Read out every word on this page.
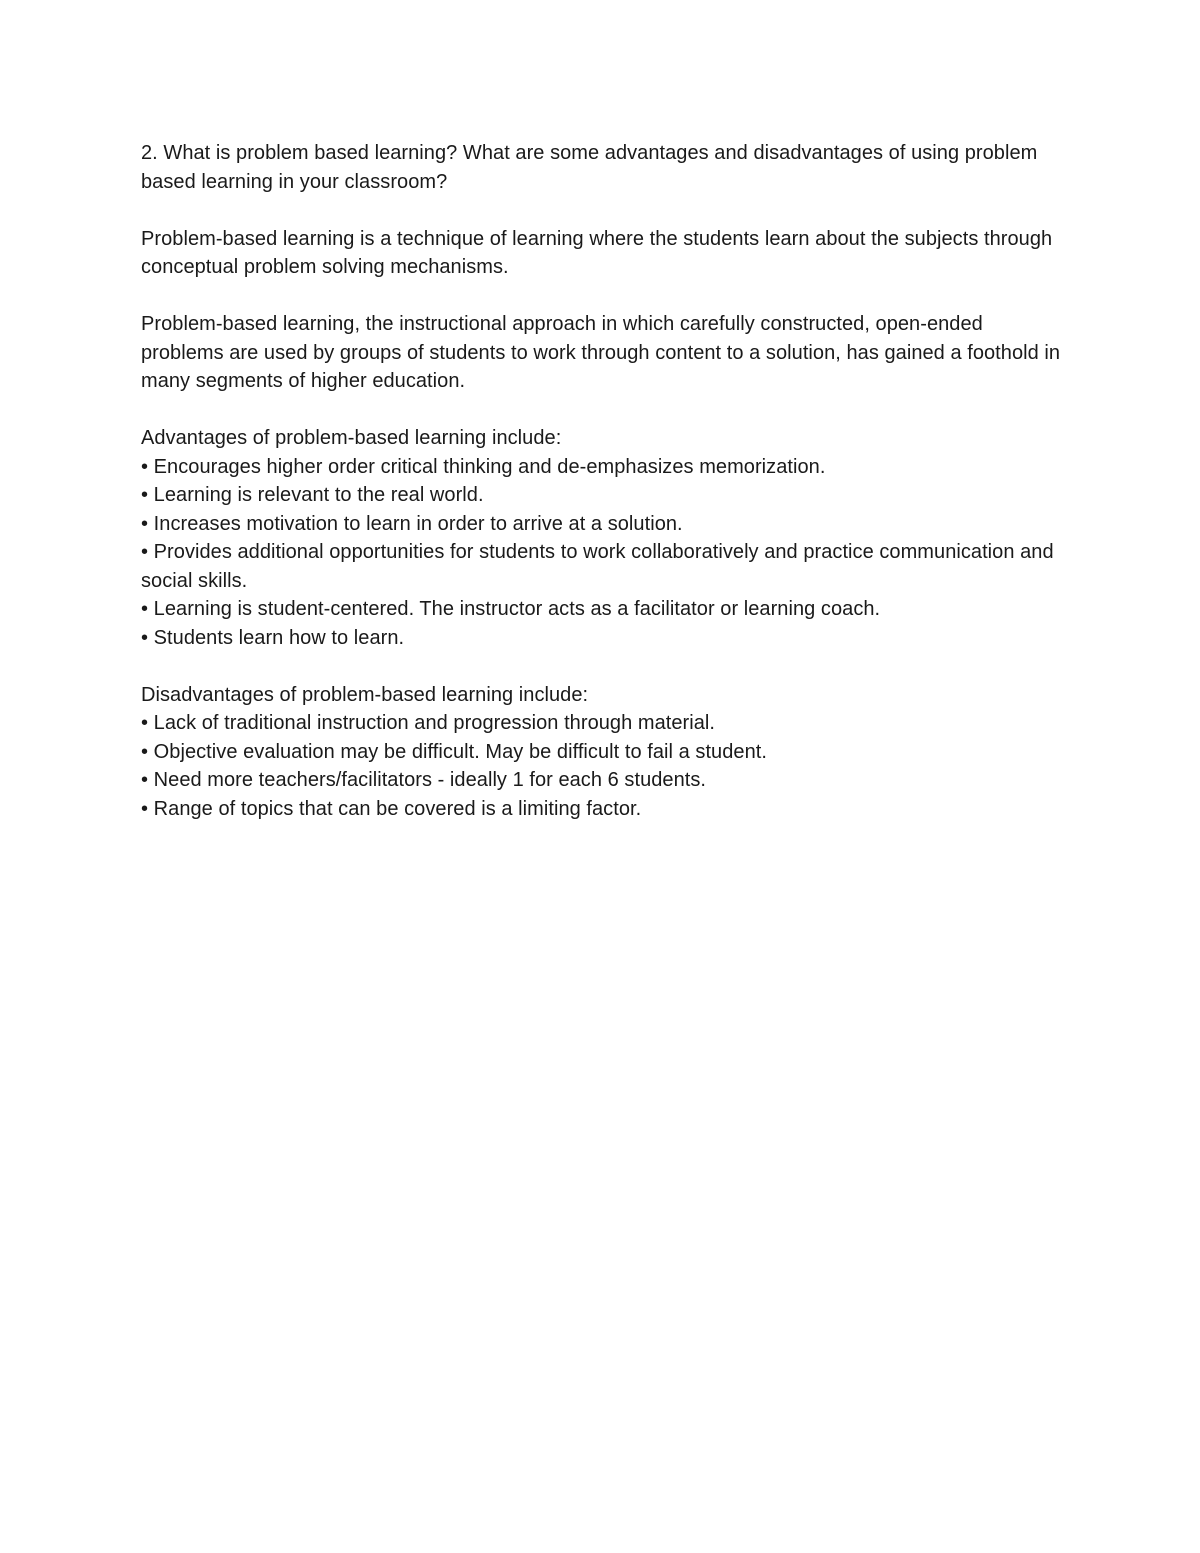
2. What is problem based learning? What are some advantages and disadvantages of using problem based learning in your classroom?

Problem-based learning is a technique of learning where the students learn about the subjects through conceptual problem solving mechanisms.

Problem-based learning, the instructional approach in which carefully constructed, open-ended problems are used by groups of students to work through content to a solution, has gained a foothold in many segments of higher education.

Advantages of problem-based learning include:

• Encourages higher order critical thinking and de-emphasizes memorization.
• Learning is relevant to the real world.
• Increases motivation to learn in order to arrive at a solution.
• Provides additional opportunities for students to work collaboratively and practice communication and social skills.
• Learning is student-centered. The instructor acts as a facilitator or learning coach.
• Students learn how to learn.

Disadvantages of problem-based learning include:

• Lack of traditional instruction and progression through material.
• Objective evaluation may be difficult. May be difficult to fail a student.
• Need more teachers/facilitators - ideally 1 for each 6 students.
• Range of topics that can be covered is a limiting factor.
